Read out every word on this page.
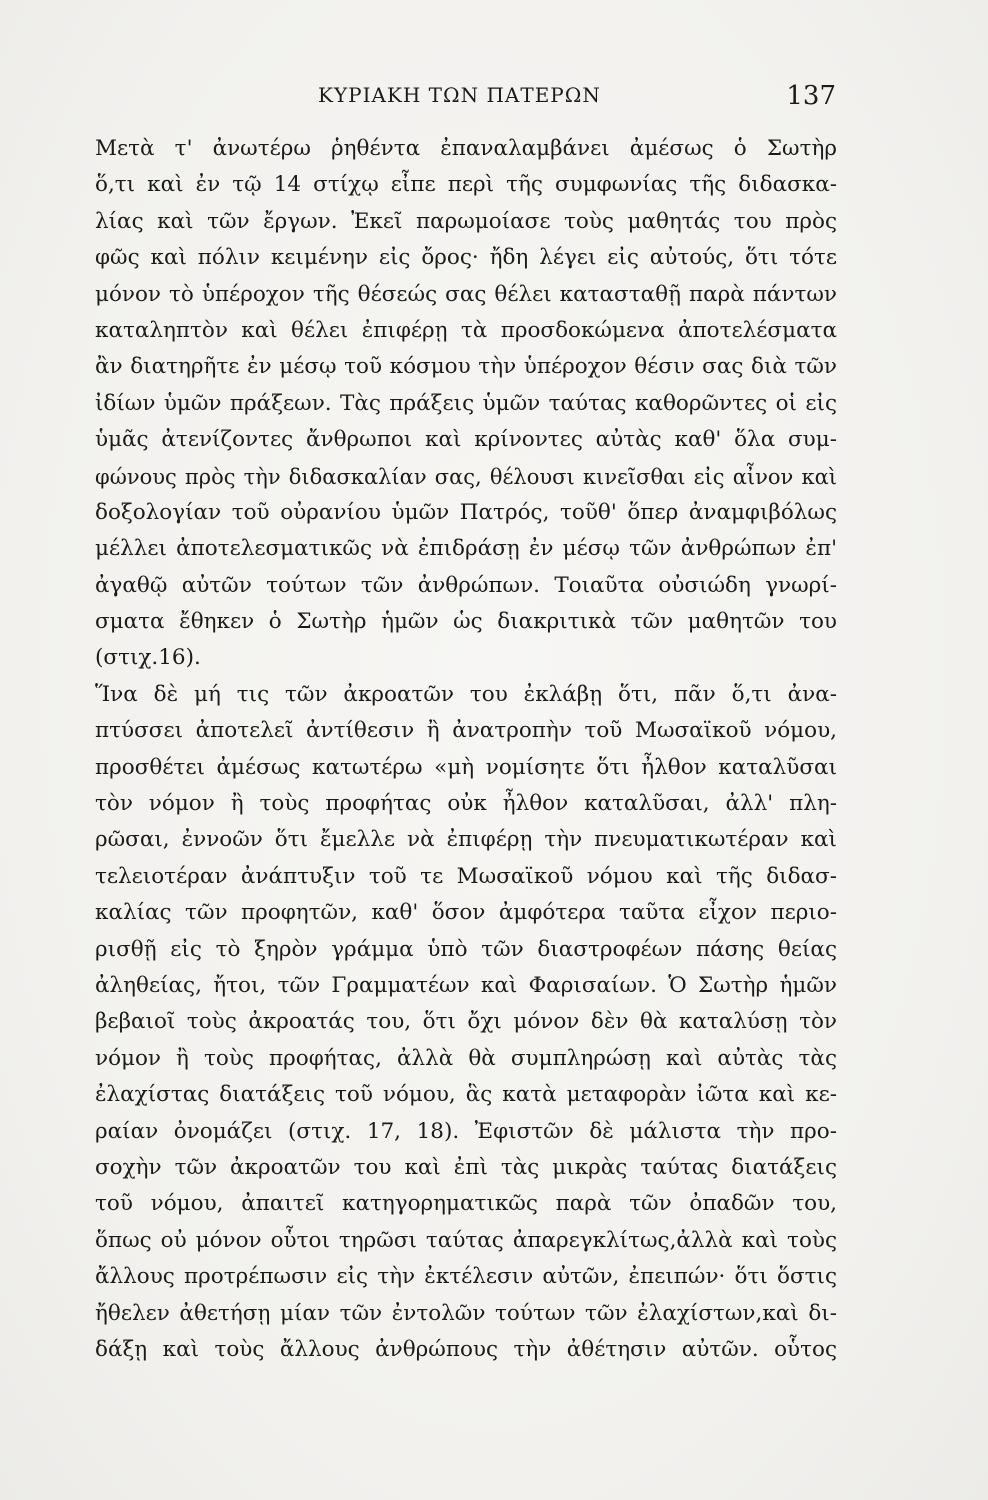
ΚΥΡΙΑΚΗ ΤΩΝ ΠΑΤΕΡΩΝ	137
Μετὰ τ' ἀνωτέρω ῥηθέντα ἐπαναλαμβάνει ἀμέσως ὁ Σωτὴρ
ὅ,τι καὶ ἐν τῷ 14 στίχῳ εἶπε περὶ τῆς συμφωνίας τῆς διδασκα-
λίας καὶ τῶν ἔργων. Ἐκεῖ παρωμοίασε τοὺς μαθητάς του πρὸς
φῶς καὶ πόλιν κειμένην εἰς ὄρος· ἤδη λέγει εἰς αὐτούς, ὅτι τότε
μόνον τὸ ὑπέροχον τῆς θέσεώς σας θέλει κατασταθῇ παρὰ πάντων
καταληπτὸν καὶ θέλει ἐπιφέρῃ τὰ προσδοκώμενα ἀποτελέσματα
ἂν διατηρῆτε ἐν μέσῳ τοῦ κόσμου τὴν ὑπέροχον θέσιν σας διὰ τῶν
ἰδίων ὑμῶν πράξεων. Τὰς πράξεις ὑμῶν ταύτας καθορῶντες οἱ εἰς
ὑμᾶς ἀτενίζοντες ἄνθρωποι καὶ κρίνοντες αὐτὰς καθ' ὅλα συμ-
φώνους πρὸς τὴν διδασκαλίαν σας, θέλουσι κινεῖσθαι εἰς αἶνον καὶ
δοξολογίαν τοῦ οὐρανίου ὑμῶν Πατρός, τοῦθ' ὅπερ ἀναμφιβόλως
μέλλει ἀποτελεσματικῶς νὰ ἐπιδράσῃ ἐν μέσῳ τῶν ἀνθρώπων ἐπ'
ἀγαθῷ αὐτῶν τούτων τῶν ἀνθρώπων. Τοιαῦτα οὐσιώδη γνωρί-
σματα ἔθηκεν ὁ Σωτὴρ ἡμῶν ὡς διακριτικὰ τῶν μαθητῶν του
(στιχ.16).
Ἵνα δὲ μή τις τῶν ἀκροατῶν του ἐκλάβῃ ὅτι, πᾶν ὅ,τι ἀνα-
πτύσσει ἀποτελεῖ ἀντίθεσιν ἢ ἀνατροπὴν τοῦ Μωσαϊκοῦ νόμου,
προσθέτει ἀμέσως κατωτέρω «μὴ νομίσητε ὅτι ἦλθον καταλῦσαι
τὸν νόμον ἢ τοὺς προφήτας οὐκ ἦλθον καταλῦσαι, ἀλλ' πλη-
ρῶσαι, ἐννοῶν ὅτι ἔμελλε νὰ ἐπιφέρῃ τὴν πνευματικωτέραν καὶ
τελειοτέραν ἀνάπτυξιν τοῦ τε Μωσαϊκοῦ νόμου καὶ τῆς διδασ-
καλίας τῶν προφητῶν, καθ' ὅσον ἀμφότερα ταῦτα εἶχον περιο-
ρισθῇ εἰς τὸ ξηρὸν γράμμα ὑπὸ τῶν διαστροφέων πάσης θείας
ἀληθείας, ἤτοι, τῶν Γραμματέων καὶ Φαρισαίων. Ὁ Σωτὴρ ἡμῶν
βεβαιοῖ τοὺς ἀκροατάς του, ὅτι ὄχι μόνον δὲν θὰ καταλύσῃ τὸν
νόμον ἢ τοὺς προφήτας, ἀλλὰ θὰ συμπληρώσῃ καὶ αὐτὰς τὰς
ἐλαχίστας διατάξεις τοῦ νόμου, ἃς κατὰ μεταφορὰν ἰῶτα καὶ κε-
ραίαν ὀνομάζει (στιχ. 17, 18). Ἐφιστῶν δὲ μάλιστα τὴν προ-
σοχὴν τῶν ἀκροατῶν του καὶ ἐπὶ τὰς μικρὰς ταύτας διατάξεις
τοῦ νόμου, ἀπαιτεῖ κατηγορηματικῶς παρὰ τῶν ὀπαδῶν του,
ὅπως οὐ μόνον οὗτοι τηρῶσι ταύτας ἀπαρεγκλίτως,ἀλλὰ καὶ τοὺς
ἄλλους προτρέπωσιν εἰς τὴν ἐκτέλεσιν αὐτῶν, ἐπειπών· ὅτι ὅστις
ἤθελεν ἀθετήσῃ μίαν τῶν ἐντολῶν τούτων τῶν ἐλαχίστων,καὶ δι-
δάξῃ καὶ τοὺς ἄλλους ἀνθρώπους τὴν ἀθέτησιν αὐτῶν. οὗτος
